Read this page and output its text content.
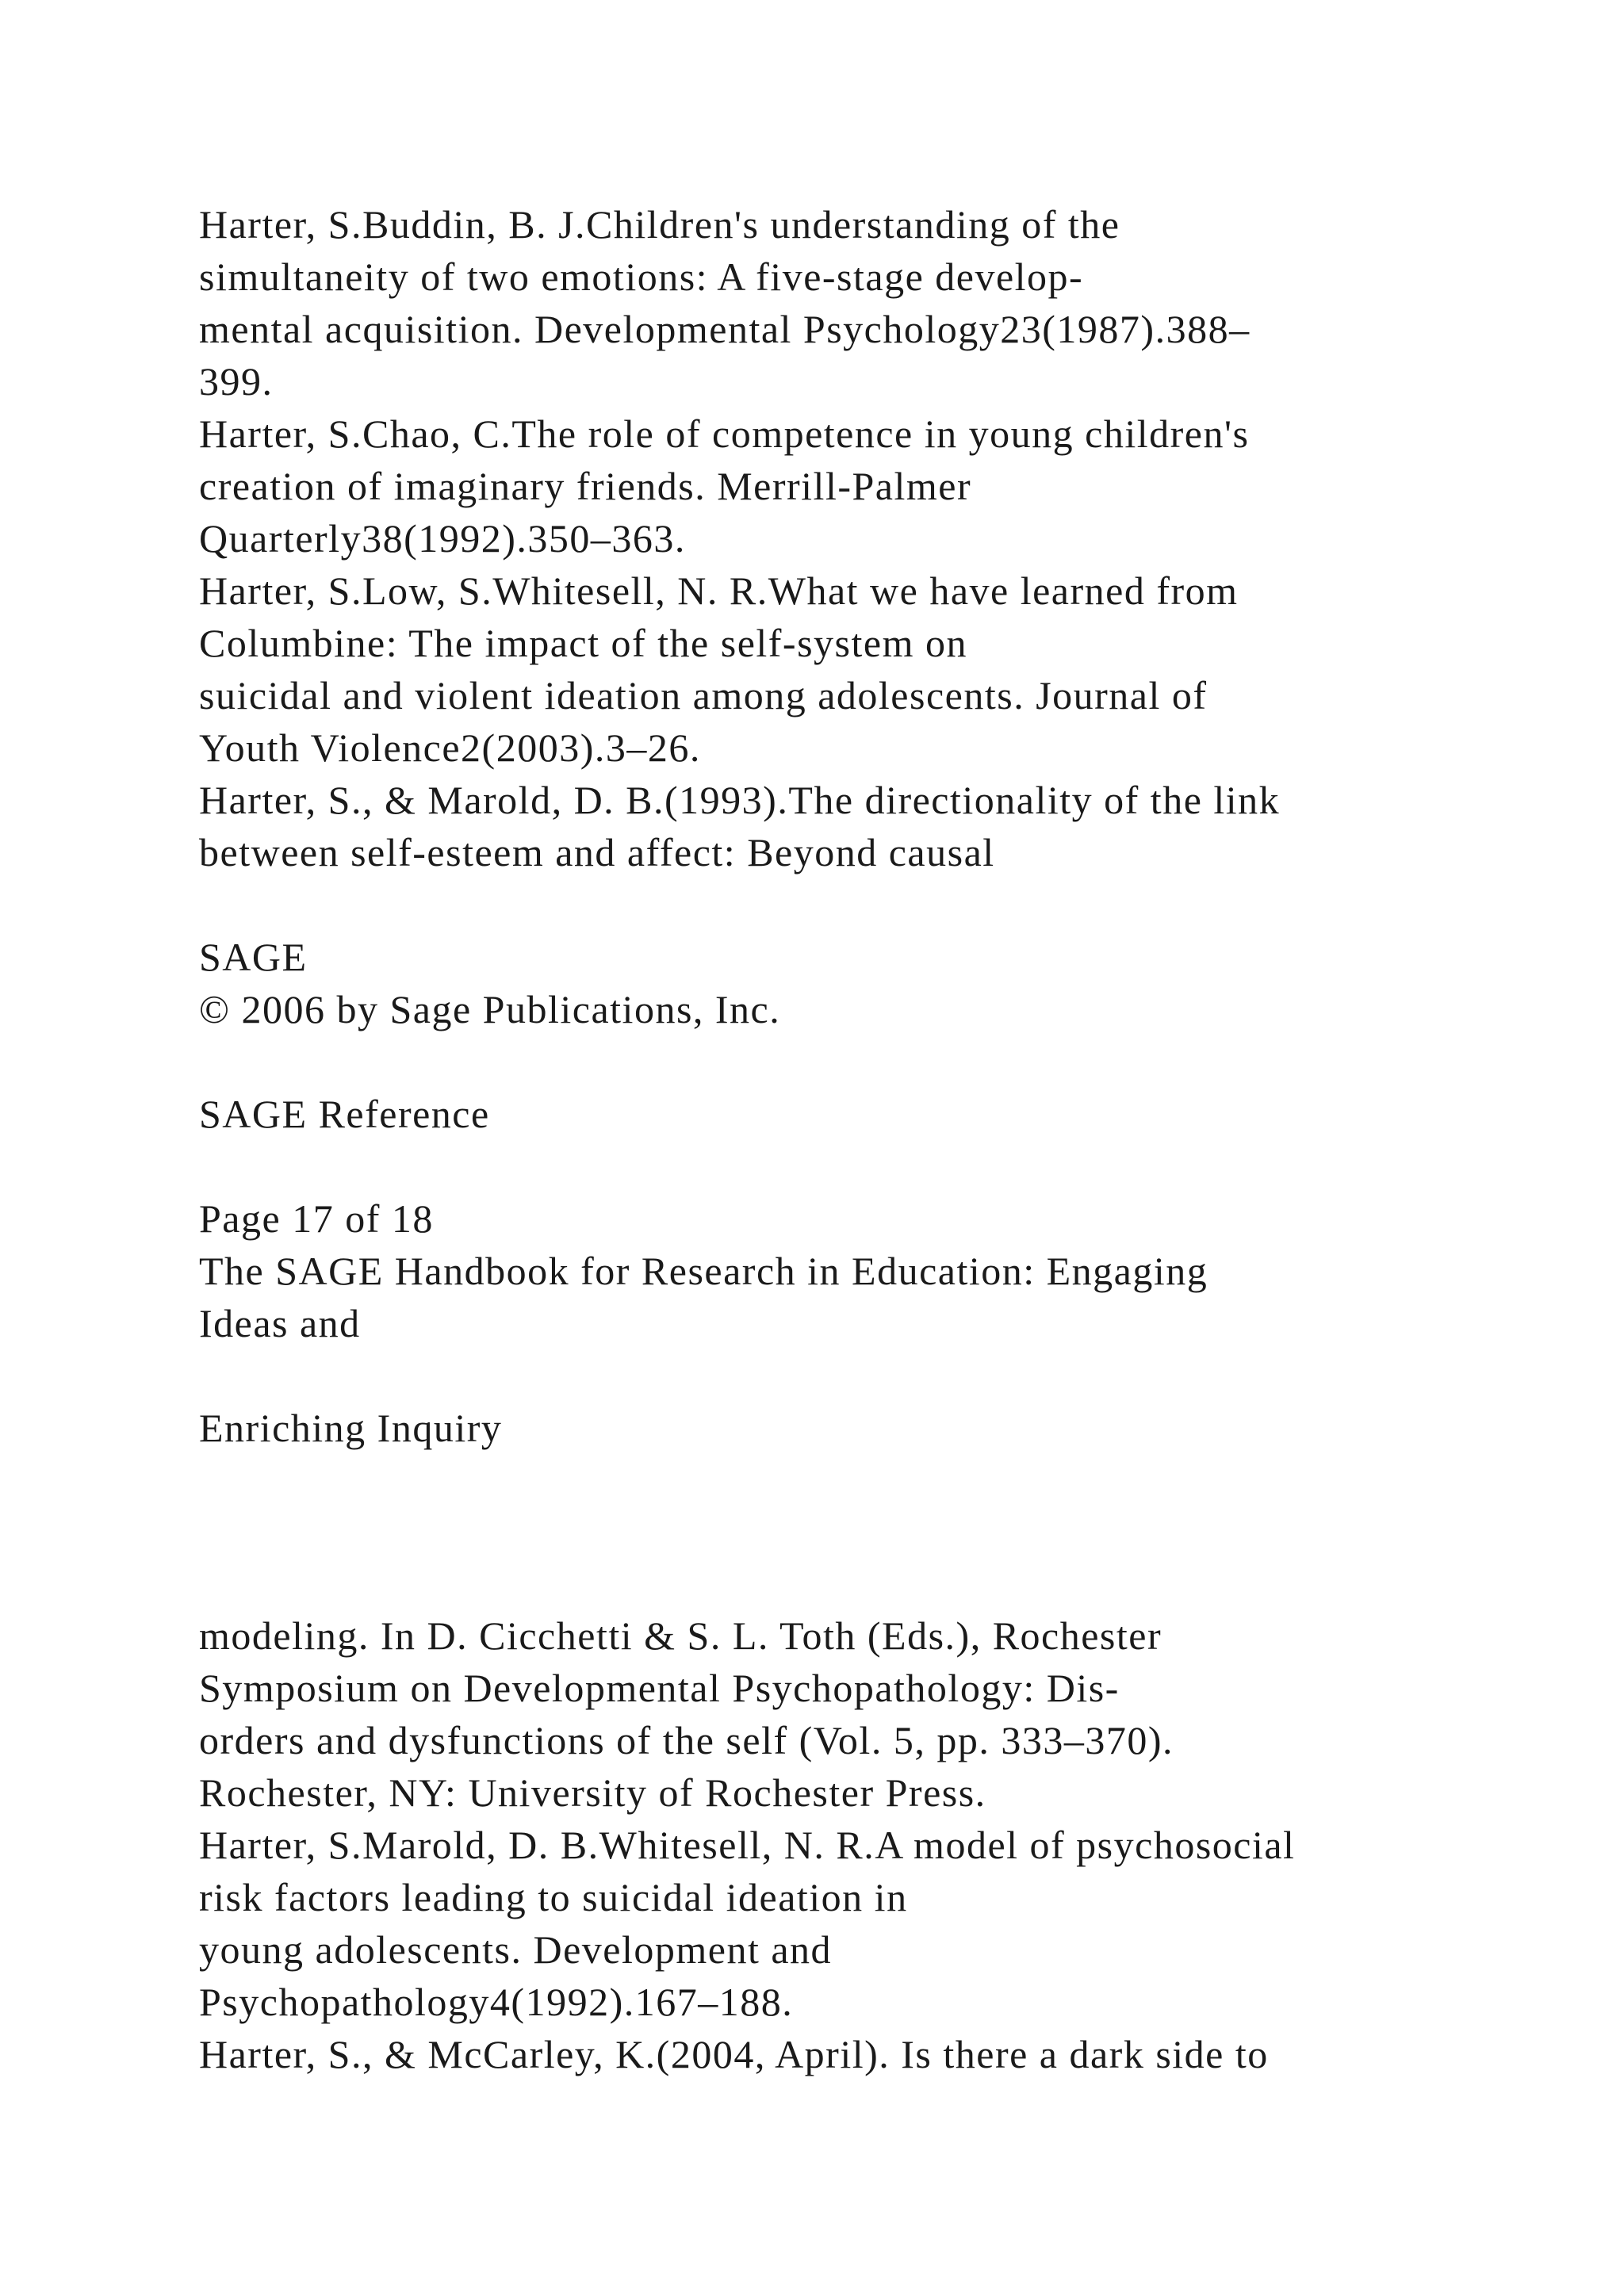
Harter, S.Buddin, B. J.Children's understanding of the

simultaneity of two emotions: A five-stage develop-

mental acquisition. Developmental Psychology23(1987).388–

399.

Harter, S.Chao, C.The role of competence in young children's

creation of imaginary friends. Merrill-Palmer

Quarterly38(1992).350–363.

Harter, S.Low, S.Whitesell, N. R.What we have learned from

Columbine: The impact of the self-system on

suicidal and violent ideation among adolescents. Journal of

Youth Violence2(2003).3–26.

Harter, S., & Marold, D. B.(1993).The directionality of the link

between self-esteem and affect: Beyond causal

SAGE

© 2006 by Sage Publications, Inc.

SAGE Reference

Page 17 of 18

The SAGE Handbook for Research in Education: Engaging

Ideas and

Enriching Inquiry

modeling. In D. Cicchetti & S. L. Toth (Eds.), Rochester

Symposium on Developmental Psychopathology: Dis-

orders and dysfunctions of the self (Vol. 5, pp. 333–370).

Rochester, NY: University of Rochester Press.

Harter, S.Marold, D. B.Whitesell, N. R.A model of psychosocial

risk factors leading to suicidal ideation in

young adolescents. Development and

Psychopathology4(1992).167–188.

Harter, S., & McCarley, K.(2004, April). Is there a dark side to
